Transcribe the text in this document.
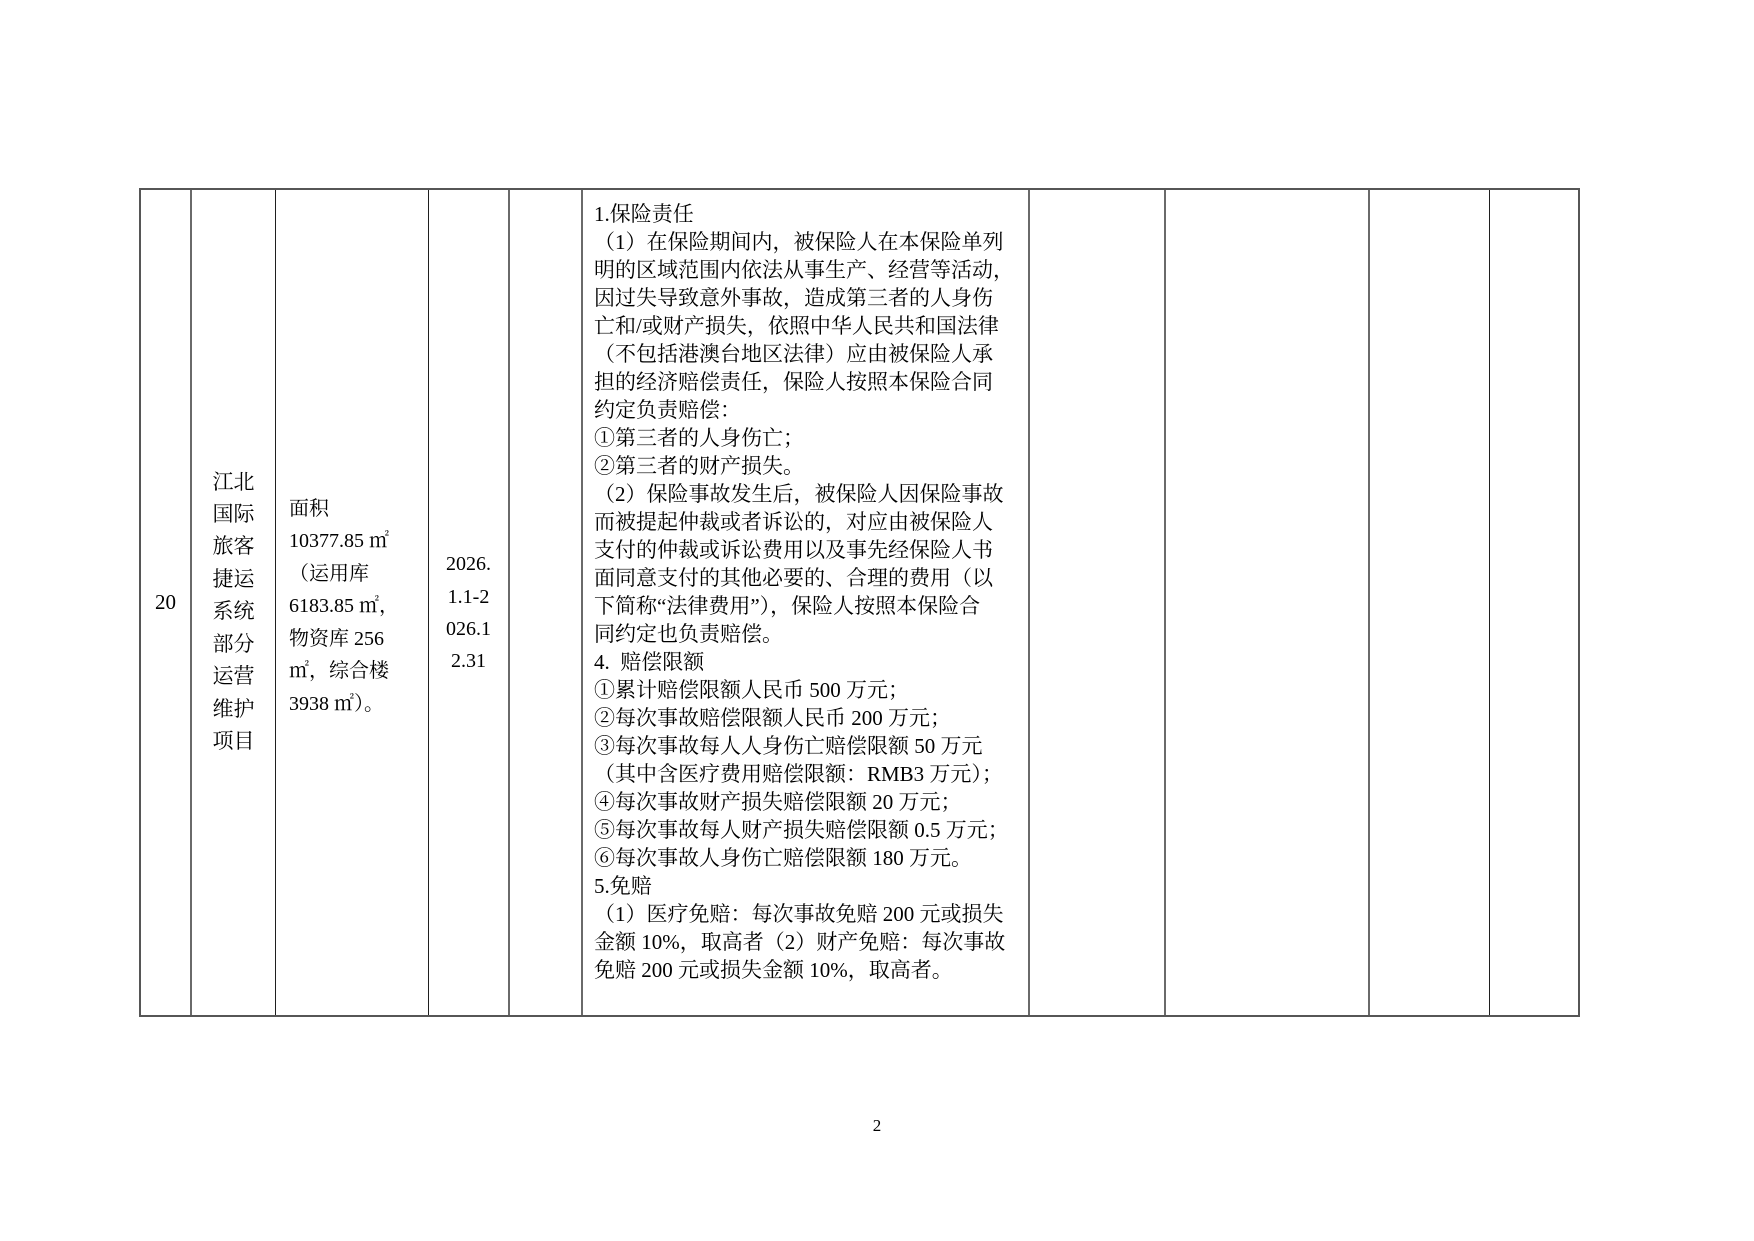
20
江北
国际
旅客
捷运
系统
部分
运营
维护
项目
面积
10377.85 ㎡
（运用库
6183.85 ㎡，
物资库 256
㎡，综合楼
3938 ㎡）。
2026.
1.1-2
026.1
2.31
1.保险责任
（1）在保险期间内，被保险人在本保险单列
明的区域范围内依法从事生产、经营等活动，
因过失导致意外事故，造成第三者的人身伤
亡和/或财产损失，依照中华人民共和国法律
（不包括港澳台地区法律）应由被保险人承
担的经济赔偿责任，保险人按照本保险合同
约定负责赔偿：
①第三者的人身伤亡；
②第三者的财产损失。
（2）保险事故发生后，被保险人因保险事故
而被提起仲裁或者诉讼的，对应由被保险人
支付的仲裁或诉讼费用以及事先经保险人书
面同意支付的其他必要的、合理的费用（以
下简称“法律费用”），保险人按照本保险合
同约定也负责赔偿。
4.  赔偿限额
①累计赔偿限额人民币 500 万元；
②每次事故赔偿限额人民币 200 万元；
③每次事故每人人身伤亡赔偿限额 50 万元
（其中含医疗费用赔偿限额：RMB3 万元）；
④每次事故财产损失赔偿限额 20 万元；
⑤每次事故每人财产损失赔偿限额 0.5 万元；
⑥每次事故人身伤亡赔偿限额 180 万元。
5.免赔
（1）医疗免赔：每次事故免赔 200 元或损失
金额 10%，取高者（2）财产免赔：每次事故
免赔 200 元或损失金额 10%，取高者。
2
